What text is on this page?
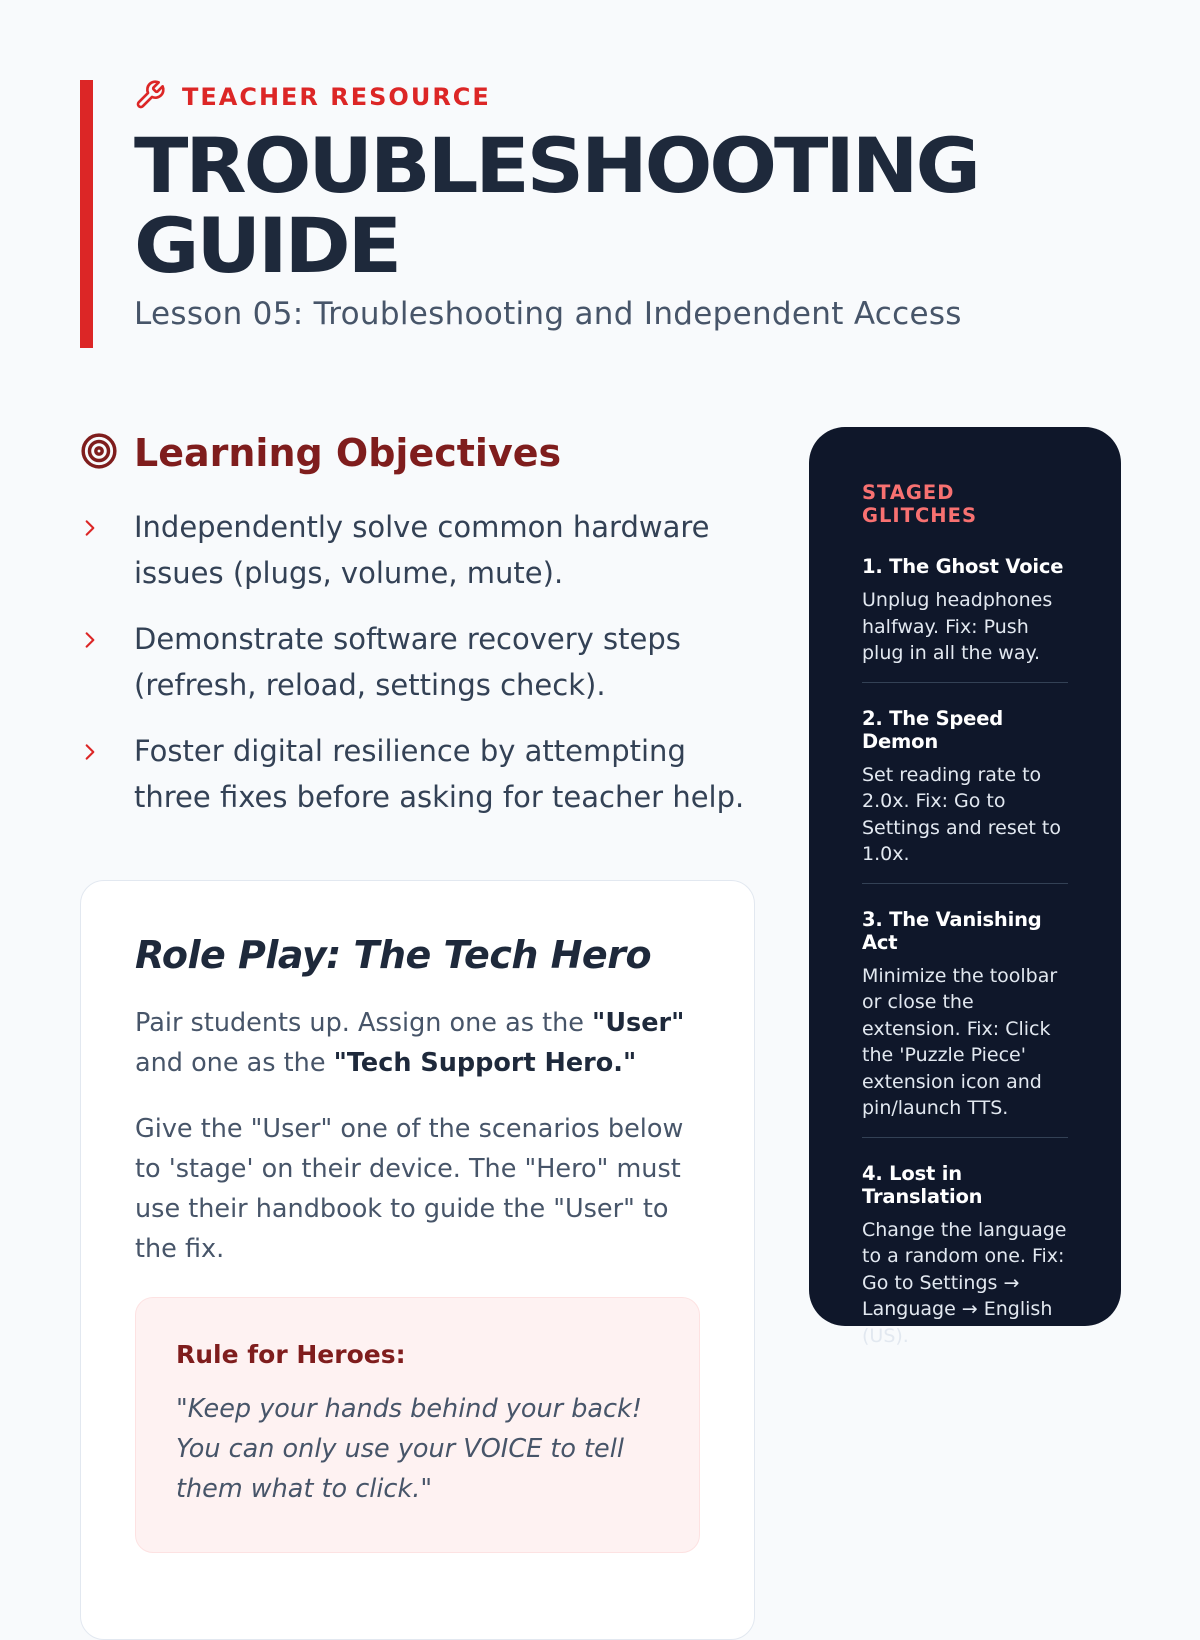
TEACHER RESOURCE
TROUBLESHOOTING
GUIDE
Lesson 05: Troubleshooting and Independent Access
Learning Objectives
Independently solve common hardware issues (plugs, volume, mute).
Demonstrate software recovery steps (refresh, reload, settings check).
Foster digital resilience by attempting three fixes before asking for teacher help.
Role Play: The Tech Hero

Pair students up. Assign one as the "User" and one as the "Tech Support Hero."

Give the "User" one of the scenarios below to 'stage' on their device. The "Hero" must use their handbook to guide the "User" to the fix.

Rule for Heroes:
"Keep your hands behind your back! You can only use your VOICE to tell them what to click."
STAGED GLITCHES
1. The Ghost Voice
Unplug headphones halfway. Fix: Push plug in all the way.
2. The Speed Demon
Set reading rate to 2.0x. Fix: Go to Settings and reset to 1.0x.
3. The Vanishing Act
Minimize the toolbar or close the extension. Fix: Click the 'Puzzle Piece' extension icon and pin/launch TTS.
4. Lost in Translation
Change the language to a random one. Fix: Go to Settings → Language → English (US).
